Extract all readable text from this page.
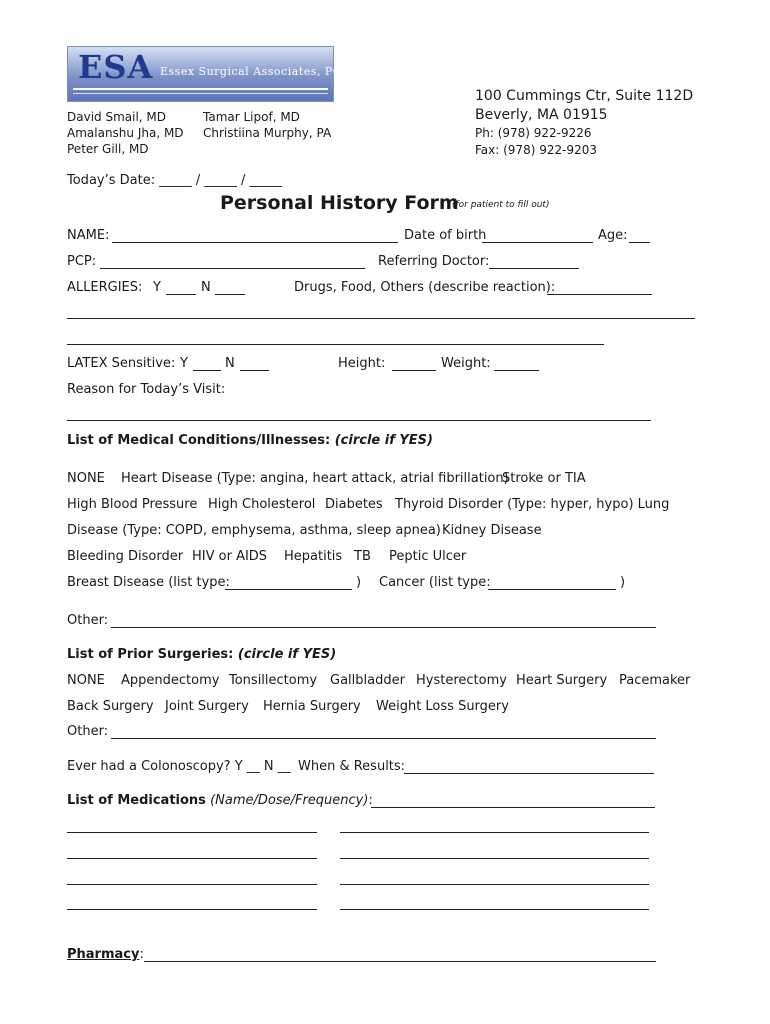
ESA Essex Surgical Associates, PC
David Smail, MD
Amalanshu Jha, MD
Peter Gill, MD
Tamar Lipof, MD
Christiina Murphy, PA
100 Cummings Ctr, Suite 112D
Beverly, MA 01915
Ph: (978) 922-9226
Fax: (978) 922-9203
Today’s Date: _____ / _____ / _____
Personal History Form
(for patient to fill out)
NAME:	Date of birth	Age:
PCP:	Referring Doctor:
ALLERGIES: Y	N	Drugs, Food, Others (describe reaction):
LATEX Sensitive: Y	N	Height:	Weight:
Reason for Today’s Visit:
List of Medical Conditions/Illnesses: (circle if YES)
NONE Heart Disease (Type: angina, heart attack, atrial fibrillation)
Stroke or TIA
High Blood Pressure High Cholesterol Diabetes Thyroid Disorder (Type: hyper, hypo) Lung
Disease (Type: COPD, emphysema, asthma, sleep apnea) Kidney Disease
Bleeding Disorder HIV or AIDS Hepatitis TB Peptic Ulcer
Breast Disease (list type:	) Cancer (list type:	)
Other:
List of Prior Surgeries: (circle if YES)
NONE Appendectomy Tonsillectomy Gallbladder Hysterectomy Heart Surgery Pacemaker
Back Surgery Joint Surgery Hernia Surgery Weight Loss Surgery
Other:
Ever had a Colonoscopy? Y __ N __ When & Results:
List of Medications (Name/Dose/Frequency):
Pharmacy:
